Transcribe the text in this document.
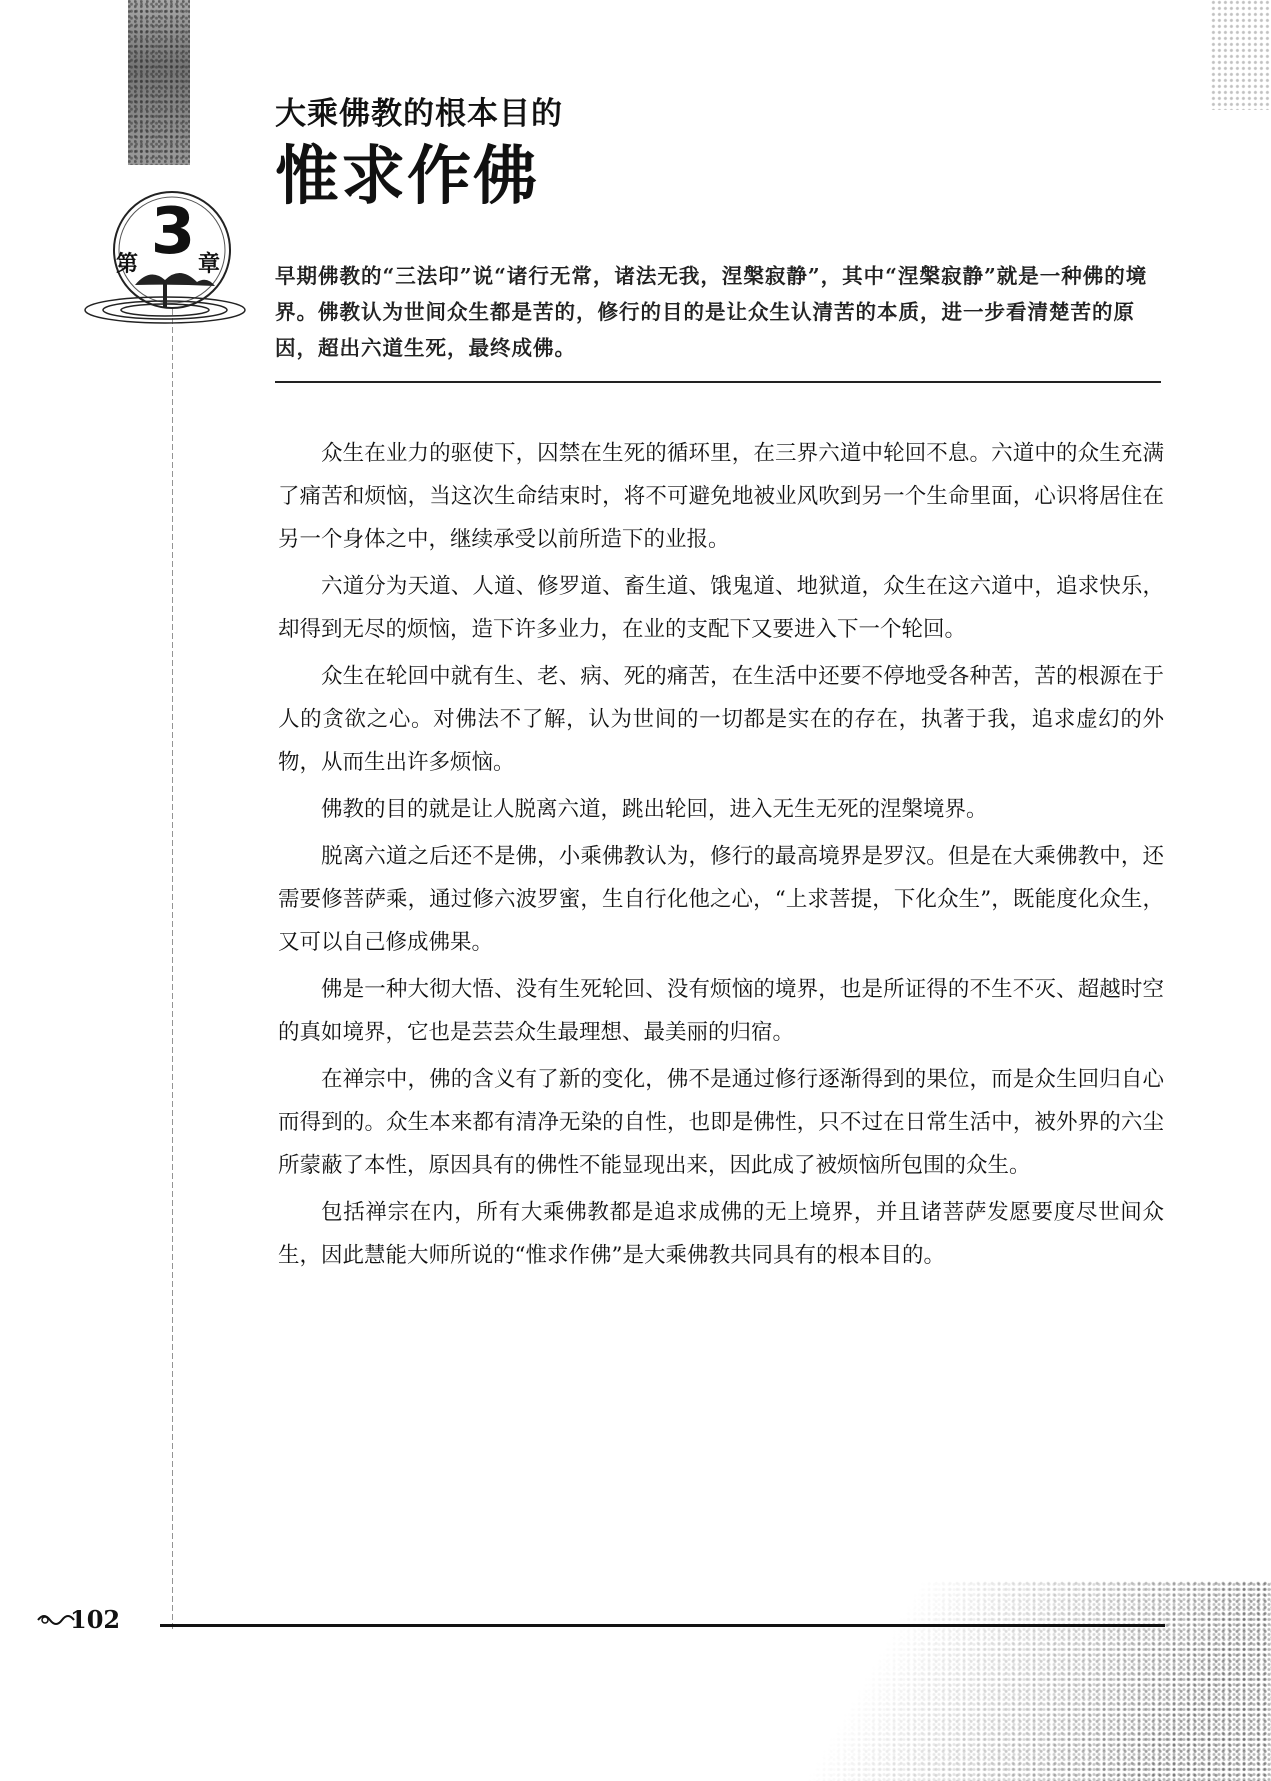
第 3 章
大乘佛教的根本目的
惟求作佛
早期佛教的“三法印”说“诸行无常，诸法无我，涅槃寂静”，其中“涅槃寂静”就是一种佛的境界。佛教认为世间众生都是苦的，修行的目的是让众生认清苦的本质，进一步看清楚苦的原因，超出六道生死，最终成佛。

众生在业力的驱使下，囚禁在生死的循环里，在三界六道中轮回不息。六道中的众生充满了痛苦和烦恼，当这次生命结束时，将不可避免地被业风吹到另一个生命里面，心识将居住在另一个身体之中，继续承受以前所造下的业报。

六道分为天道、人道、修罗道、畜生道、饿鬼道、地狱道，众生在这六道中，追求快乐，却得到无尽的烦恼，造下许多业力，在业的支配下又要进入下一个轮回。

众生在轮回中就有生、老、病、死的痛苦，在生活中还要不停地受各种苦，苦的根源在于人的贪欲之心。对佛法不了解，认为世间的一切都是实在的存在，执著于我，追求虚幻的外物，从而生出许多烦恼。

佛教的目的就是让人脱离六道，跳出轮回，进入无生无死的涅槃境界。

脱离六道之后还不是佛，小乘佛教认为，修行的最高境界是罗汉。但是在大乘佛教中，还需要修菩萨乘，通过修六波罗蜜，生自行化他之心，“上求菩提，下化众生”，既能度化众生，又可以自己修成佛果。

佛是一种大彻大悟、没有生死轮回、没有烦恼的境界，也是所证得的不生不灭、超越时空的真如境界，它也是芸芸众生最理想、最美丽的归宿。

在禅宗中，佛的含义有了新的变化，佛不是通过修行逐渐得到的果位，而是众生回归自心而得到的。众生本来都有清净无染的自性，也即是佛性，只不过在日常生活中，被外界的六尘所蒙蔽了本性，原因具有的佛性不能显现出来，因此成了被烦恼所包围的众生。

包括禅宗在内，所有大乘佛教都是追求成佛的无上境界，并且诸菩萨发愿要度尽世间众生，因此慧能大师所说的“惟求作佛”是大乘佛教共同具有的根本目的。

102
